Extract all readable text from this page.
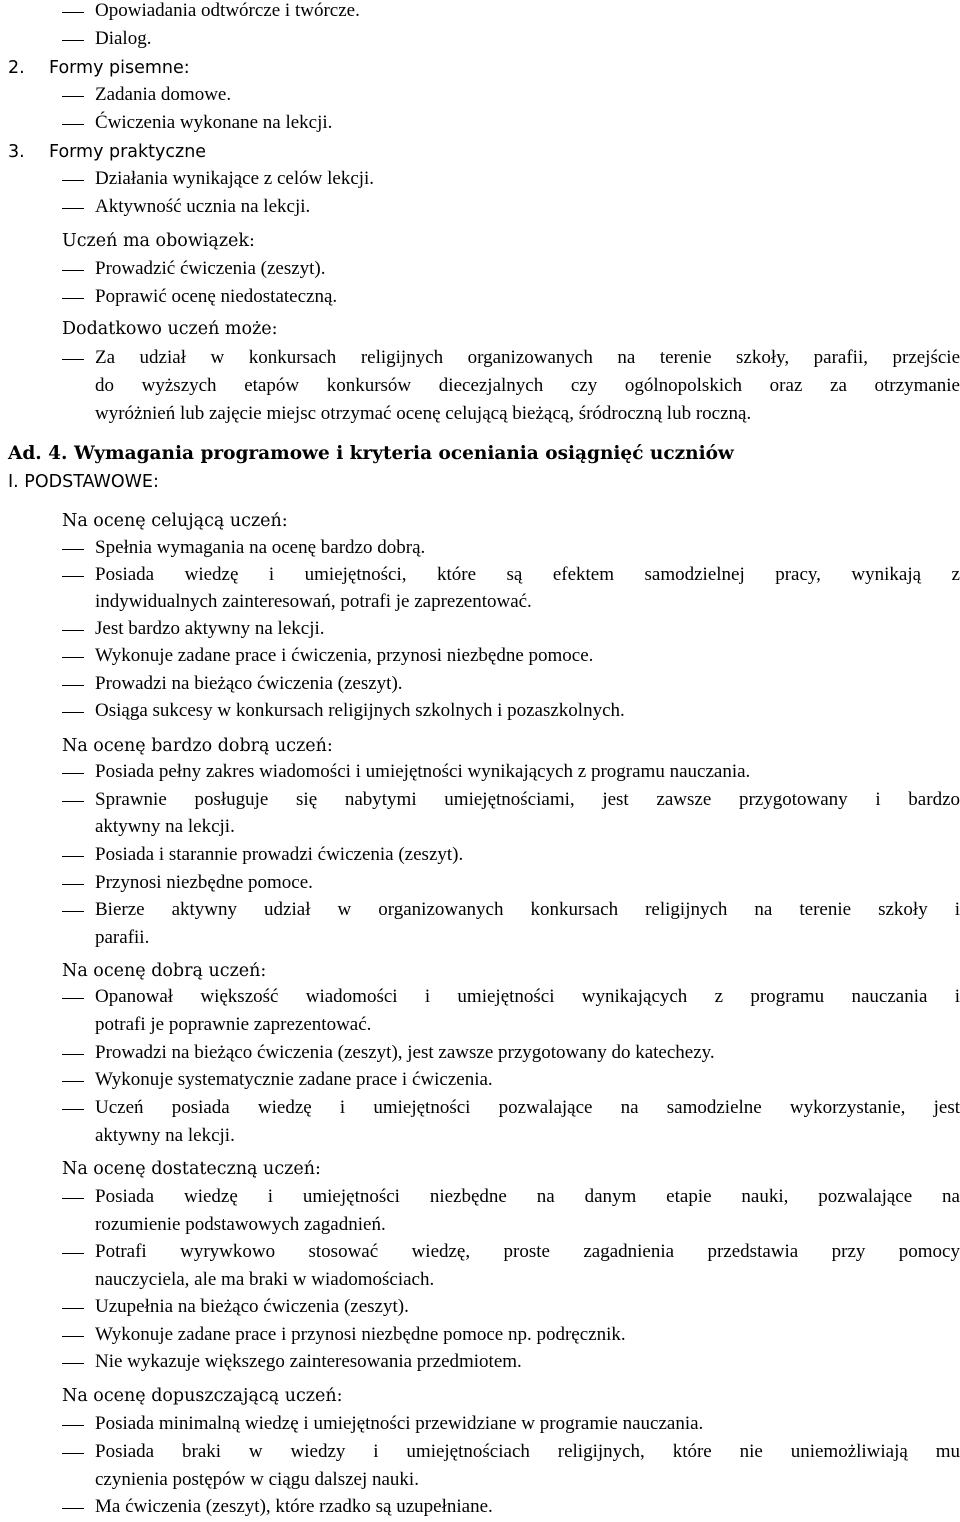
Opowiadania odtwórcze i twórcze.
Dialog.
2. Formy pisemne:
Zadania domowe.
Ćwiczenia wykonane na lekcji.
3. Formy praktyczne
Działania wynikające z celów lekcji.
Aktywność ucznia na lekcji.
Uczeń ma obowiązek:
Prowadzić ćwiczenia (zeszyt).
Poprawić ocenę niedostateczną.
Dodatkowo uczeń może:
Za udział w konkursach religijnych organizowanych na terenie szkoły, parafii, przejście
do wyższych etapów konkursów diecezjalnych czy ogólnopolskich oraz za otrzymanie
wyróżnień lub zajęcie miejsc otrzymać ocenę celującą bieżącą, śródroczną lub roczną.
Ad. 4. Wymagania programowe i kryteria oceniania osiągnięć uczniów
I. PODSTAWOWE:
Na ocenę celującą uczeń:
Spełnia wymagania na ocenę bardzo dobrą.
Posiada wiedzę i umiejętności, które są efektem samodzielnej pracy, wynikają z
indywidualnych zainteresowań, potrafi je zaprezentować.
Jest bardzo aktywny na lekcji.
Wykonuje zadane prace i ćwiczenia, przynosi niezbędne pomoce.
Prowadzi na bieżąco ćwiczenia (zeszyt).
Osiąga sukcesy w konkursach religijnych szkolnych i pozaszkolnych.
Na ocenę bardzo dobrą uczeń:
Posiada pełny zakres wiadomości i umiejętności wynikających z programu nauczania.
Sprawnie posługuje się nabytymi umiejętnościami, jest zawsze przygotowany i bardzo
aktywny na lekcji.
Posiada i starannie prowadzi ćwiczenia (zeszyt).
Przynosi niezbędne pomoce.
Bierze aktywny udział w organizowanych konkursach religijnych na terenie szkoły i
parafii.
Na ocenę dobrą uczeń:
Opanował większość wiadomości i umiejętności wynikających z programu nauczania i
potrafi je poprawnie zaprezentować.
Prowadzi na bieżąco ćwiczenia (zeszyt), jest zawsze przygotowany do katechezy.
Wykonuje systematycznie zadane prace i ćwiczenia.
Uczeń posiada wiedzę i umiejętności pozwalające na samodzielne wykorzystanie, jest
aktywny na lekcji.
Na ocenę dostateczną uczeń:
Posiada wiedzę i umiejętności niezbędne na danym etapie nauki, pozwalające na
rozumienie podstawowych zagadnień.
Potrafi wyrywkowo stosować wiedzę, proste zagadnienia przedstawia przy pomocy
nauczyciela, ale ma braki w wiadomościach.
Uzupełnia na bieżąco ćwiczenia (zeszyt).
Wykonuje zadane prace i przynosi niezbędne pomoce np. podręcznik.
Nie wykazuje większego zainteresowania przedmiotem.
Na ocenę dopuszczającą uczeń:
Posiada minimalną wiedzę i umiejętności przewidziane w programie nauczania.
Posiada braki w wiedzy i umiejętnościach religijnych, które nie uniemożliwiają mu
czynienia postępów w ciągu dalszej nauki.
Ma ćwiczenia (zeszyt), które rzadko są uzupełniane.
